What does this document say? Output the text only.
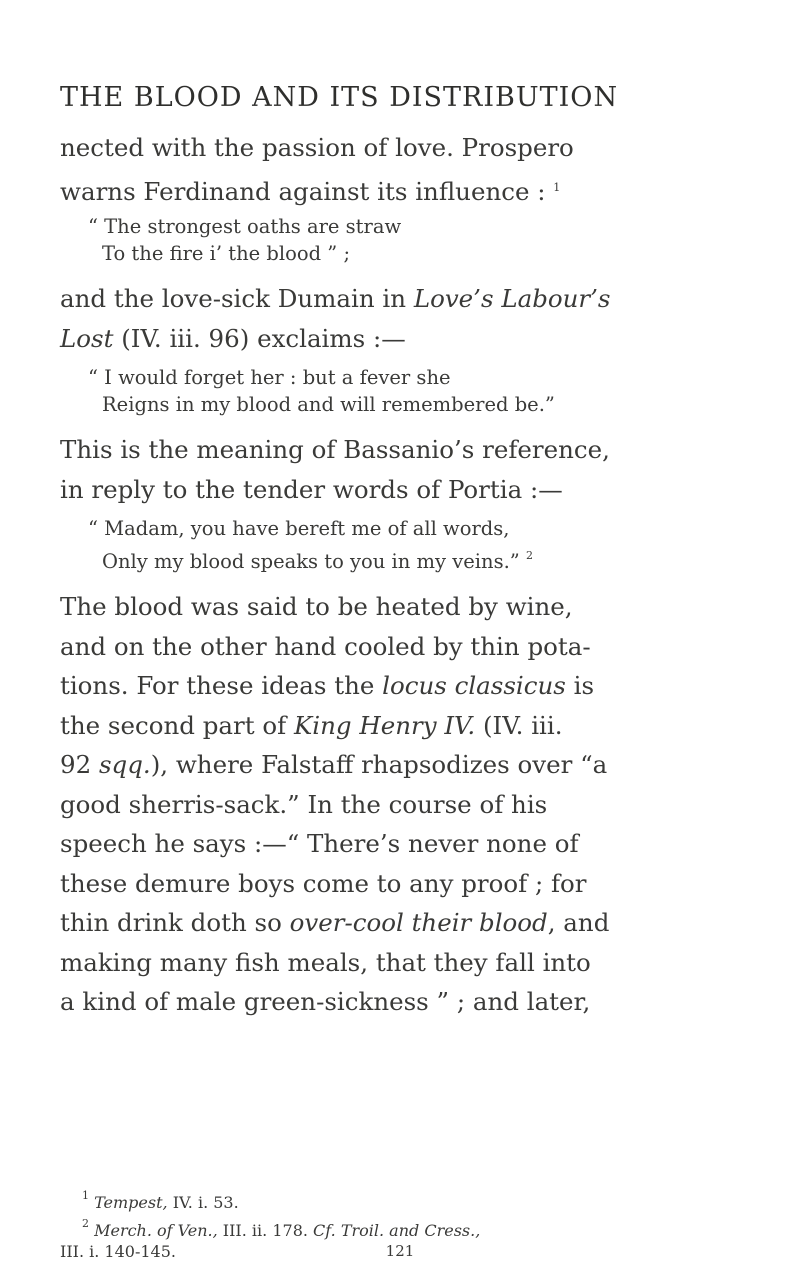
THE BLOOD AND ITS DISTRIBUTION
nected with the passion of love. Prospero
warns Ferdinand against its influence : $^1$
“ The strongest oaths are straw
To the fire i’ the blood ” ;
and the love-sick Dumain in Love’s Labour’s
Lost (IV. iii. 96) exclaims :—
“ I would forget her : but a fever she
Reigns in my blood and will remembered be.”
This is the meaning of Bassanio’s reference,
in reply to the tender words of Portia :—
“ Madam, you have bereft me of all words,
Only my blood speaks to you in my veins.” $^2$
The blood was said to be heated by wine,
and on the other hand cooled by thin pota-
tions. For these ideas the locus classicus is
the second part of King Henry IV. (IV. iii.
92 sqq.), where Falstaff rhapsodizes over “a
good sherris-sack.” In the course of his
speech he says :—“ There’s never none of
these demure boys come to any proof ; for
thin drink doth so over-cool their blood, and
making many fish meals, that they fall into
a kind of male green-sickness ” ; and later,
$^1$ Tempest, IV. i. 53.
$^2$ Merch. of Ven., III. ii. 178. Cf. Troil. and Cress.,
III. i. 140-145.	121
